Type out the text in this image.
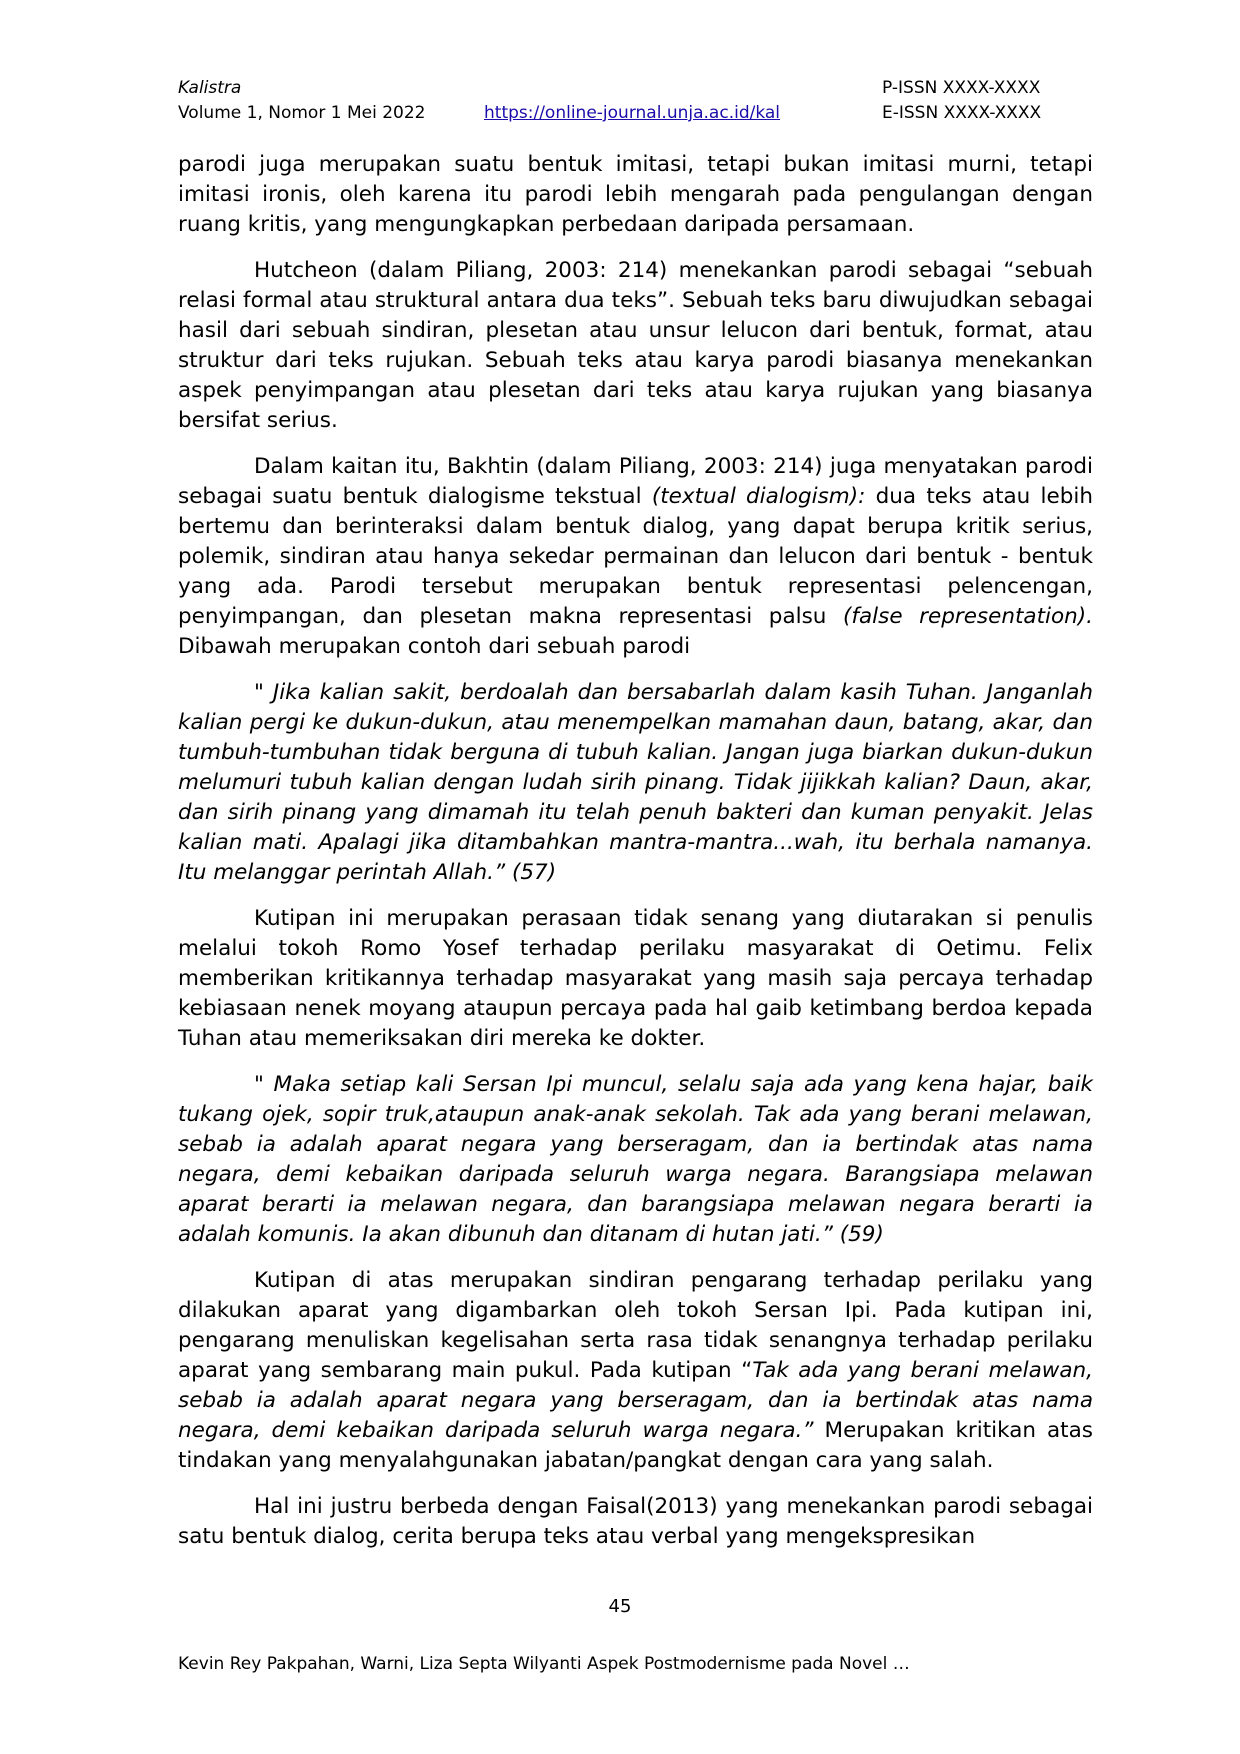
Kalistra	P-ISSN XXXX-XXXX
Volume 1, Nomor 1 Mei 2022	https://online-journal.unja.ac.id/kal	E-ISSN XXXX-XXXX

parodi juga merupakan suatu bentuk imitasi, tetapi bukan imitasi murni, tetapi imitasi ironis, oleh karena itu parodi lebih mengarah pada pengulangan dengan ruang kritis, yang mengungkapkan perbedaan daripada persamaan.

Hutcheon (dalam Piliang, 2003: 214) menekankan parodi sebagai “sebuah relasi formal atau struktural antara dua teks”. Sebuah teks baru diwujudkan sebagai hasil dari sebuah sindiran, plesetan atau unsur lelucon dari bentuk, format, atau struktur dari teks rujukan. Sebuah teks atau karya parodi biasanya menekankan aspek penyimpangan atau plesetan dari teks atau karya rujukan yang biasanya bersifat serius.

Dalam kaitan itu, Bakhtin (dalam Piliang, 2003: 214) juga menyatakan parodi sebagai suatu bentuk dialogisme tekstual (textual dialogism): dua teks atau lebih bertemu dan berinteraksi dalam bentuk dialog, yang dapat berupa kritik serius, polemik, sindiran atau hanya sekedar permainan dan lelucon dari bentuk - bentuk yang ada. Parodi tersebut merupakan bentuk representasi pelencengan, penyimpangan, dan plesetan makna representasi palsu (false representation). Dibawah merupakan contoh dari sebuah parodi

" Jika kalian sakit, berdoalah dan bersabarlah dalam kasih Tuhan. Janganlah kalian pergi ke dukun-dukun, atau menempelkan mamahan daun, batang, akar, dan tumbuh-tumbuhan tidak berguna di tubuh kalian. Jangan juga biarkan dukun-dukun melumuri tubuh kalian dengan ludah sirih pinang. Tidak jijikkah kalian? Daun, akar, dan sirih pinang yang dimamah itu telah penuh bakteri dan kuman penyakit. Jelas kalian mati. Apalagi jika ditambahkan mantra-mantra...wah, itu berhala namanya. Itu melanggar perintah Allah.” (57)

Kutipan ini merupakan perasaan tidak senang yang diutarakan si penulis melalui tokoh Romo Yosef terhadap perilaku masyarakat di Oetimu. Felix memberikan kritikannya terhadap masyarakat yang masih saja percaya terhadap kebiasaan nenek moyang ataupun percaya pada hal gaib ketimbang berdoa kepada Tuhan atau memeriksakan diri mereka ke dokter.

" Maka setiap kali Sersan Ipi muncul, selalu saja ada yang kena hajar, baik tukang ojek, sopir truk,ataupun anak-anak sekolah. Tak ada yang berani melawan, sebab ia adalah aparat negara yang berseragam, dan ia bertindak atas nama negara, demi kebaikan daripada seluruh warga negara. Barangsiapa melawan aparat berarti ia melawan negara, dan barangsiapa melawan negara berarti ia adalah komunis. Ia akan dibunuh dan ditanam di hutan jati.” (59)

Kutipan di atas merupakan sindiran pengarang terhadap perilaku yang dilakukan aparat yang digambarkan oleh tokoh Sersan Ipi. Pada kutipan ini, pengarang menuliskan kegelisahan serta rasa tidak senangnya terhadap perilaku aparat yang sembarang main pukul. Pada kutipan “Tak ada yang berani melawan, sebab ia adalah aparat negara yang berseragam, dan ia bertindak atas nama negara, demi kebaikan daripada seluruh warga negara.” Merupakan kritikan atas tindakan yang menyalahgunakan jabatan/pangkat dengan cara yang salah.

Hal ini justru berbeda dengan Faisal(2013) yang menekankan parodi sebagai satu bentuk dialog, cerita berupa teks atau verbal yang mengekspresikan

45
Kevin Rey Pakpahan, Warni, Liza Septa Wilyanti Aspek Postmodernisme pada Novel …
